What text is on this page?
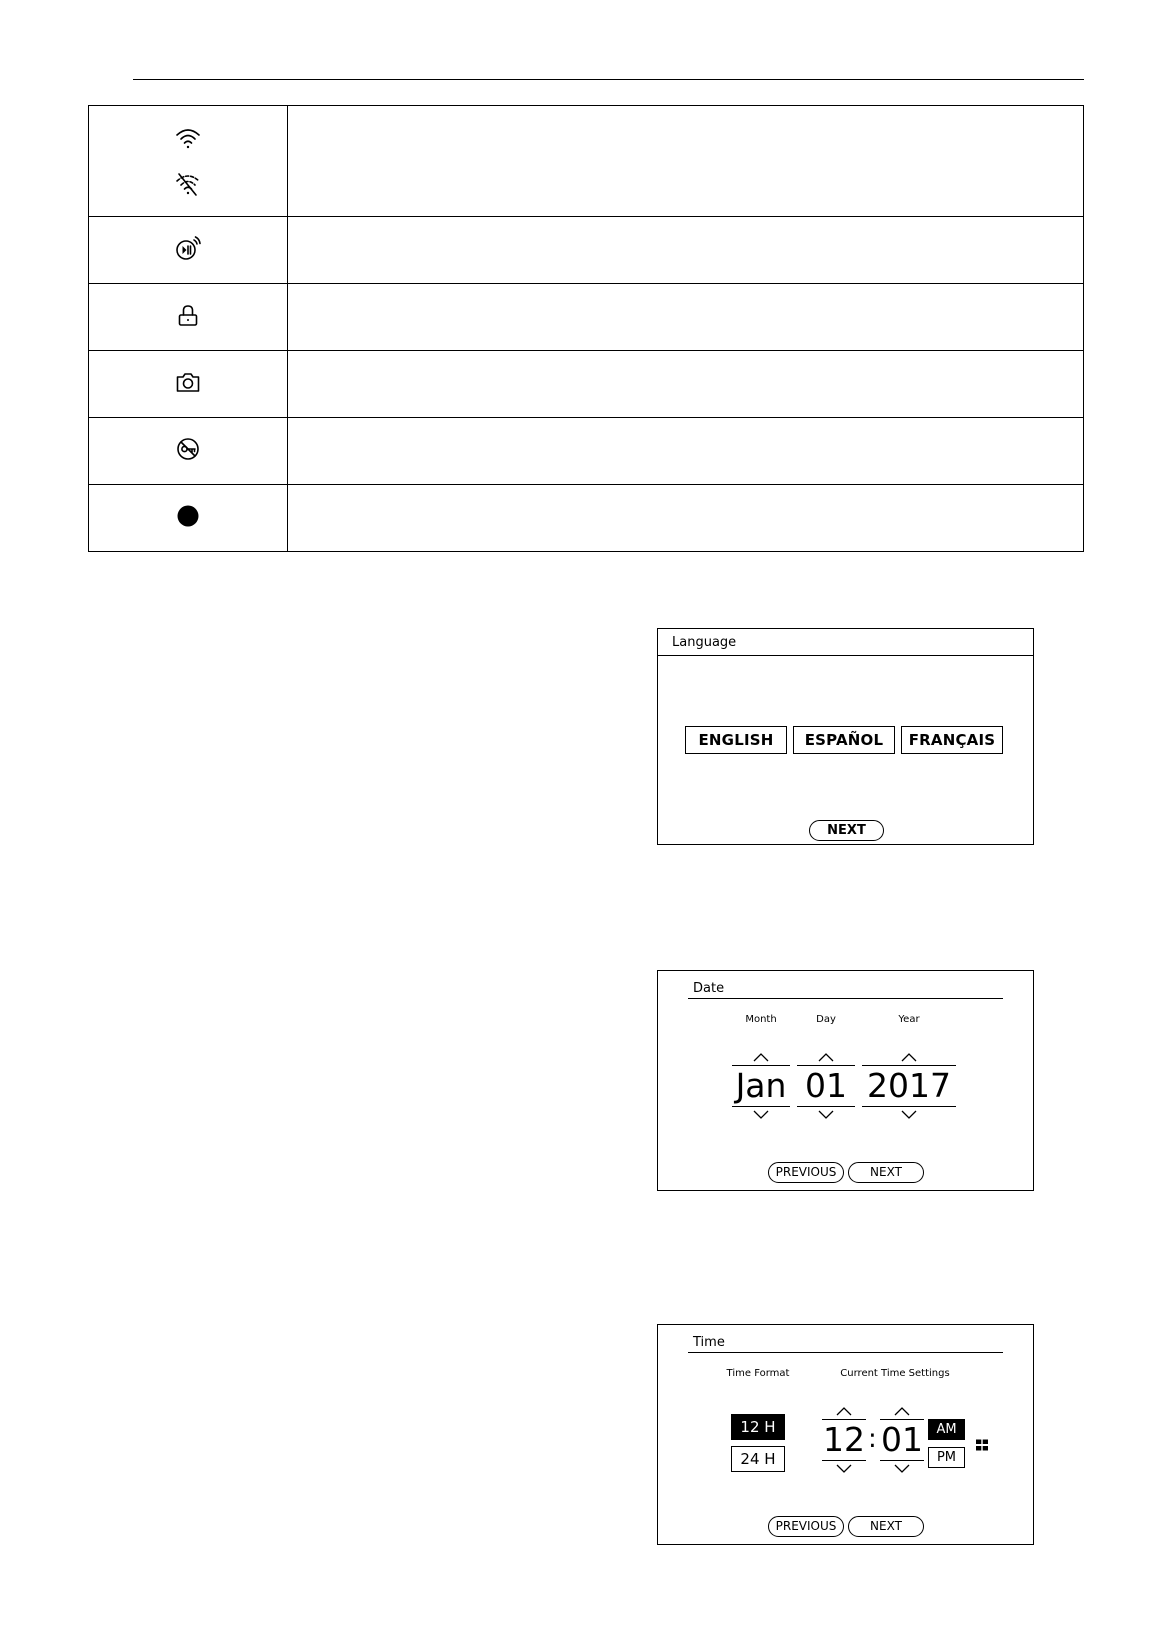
Language
ENGLISH	ESPAÑOL	FRANÇAIS
NEXT
Date
Month	Day	Year
Jan 01 2017
PREVIOUS	NEXT
Time
Time Format	Current Time Settings
12 H
24 H 12 : 01	AM
PM
PREVIOUS	NEXT
